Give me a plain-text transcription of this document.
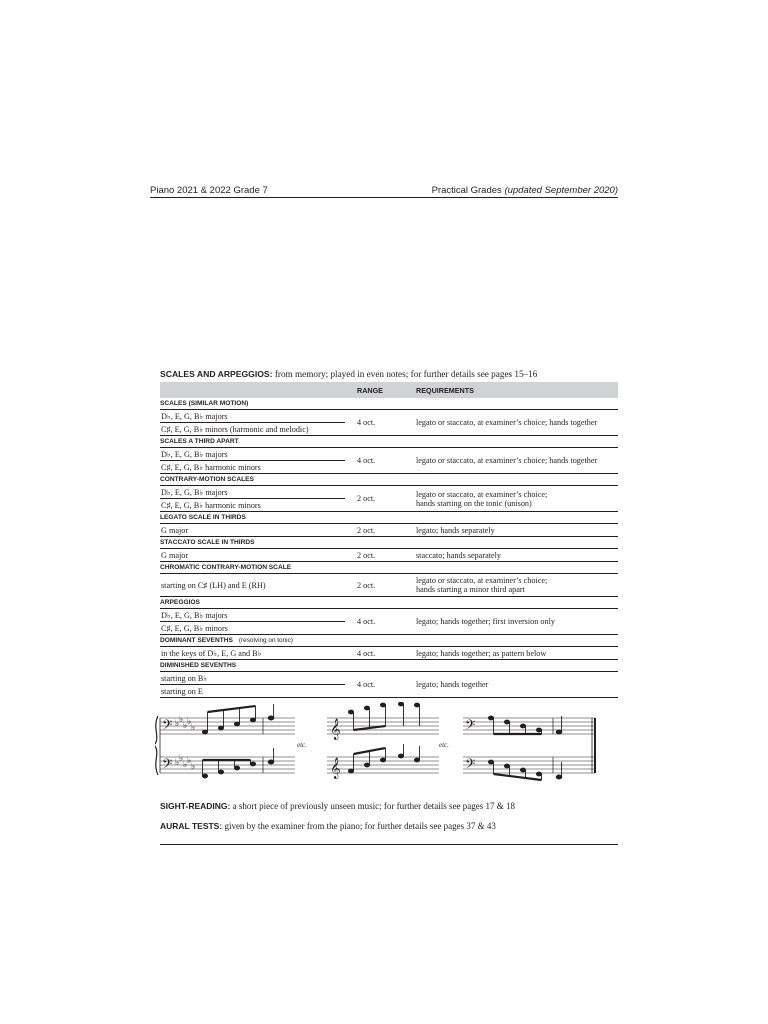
Piano 2021 & 2022 Grade 7	Practical Grades (updated September 2020)
SCALES AND ARPEGGIOS: from memory; played in even notes; for further details see pages 15–16
	RANGE	REQUIREMENTS
SCALES (SIMILAR MOTION)		
D♭, E, G, B♭ majors	4 oct.	legato or staccato, at examiner’s choice; hands together
C♯, E, G, B♭ minors (harmonic and melodic)		
SCALES A THIRD APART		
D♭, E, G, B♭ majors	4 oct.	legato or staccato, at examiner’s choice; hands together
C♯, E, G, B♭ harmonic minors		
CONTRARY-MOTION SCALES		
D♭, E, G, B♭ majors	2 oct.	legato or staccato, at examiner’s choice;
hands starting on the tonic (unison)

C♯, E, G, B♭ harmonic minors		
LEGATO SCALE IN THIRDS		
G major	2 oct.	legato; hands separately
STACCATO SCALE IN THIRDS		
G major	2 oct.	staccato; hands separately
CHROMATIC CONTRARY-MOTION SCALE		
starting on C♯ (LH) and E (RH)	2 oct.	legato or staccato, at examiner’s choice;
hands starting a minor third apart

ARPEGGIOS		
D♭, E, G, B♭ majors	4 oct.	legato; hands together; first inversion only
C♯, E, G, B♭ minors		
DOMINANT SEVENTHS (resolving on tonic)		
in the keys of D♭, E, G and B♭	4 oct.	legato; hands together; as pattern below
DIMINISHED SEVENTHS		
starting on B♭	4 oct.	legato; hands together
starting on E		
𝄢
𝄢
𝄞
𝄞
𝄢
𝄢
♭ ♭
♭ ♭
♭
♭ ♭
♭ ♭
♭
etc.	etc.
SIGHT-READING: a short piece of previously unseen music; for further details see pages 17 & 18
AURAL TESTS: given by the examiner from the piano; for further details see pages 37 & 43
